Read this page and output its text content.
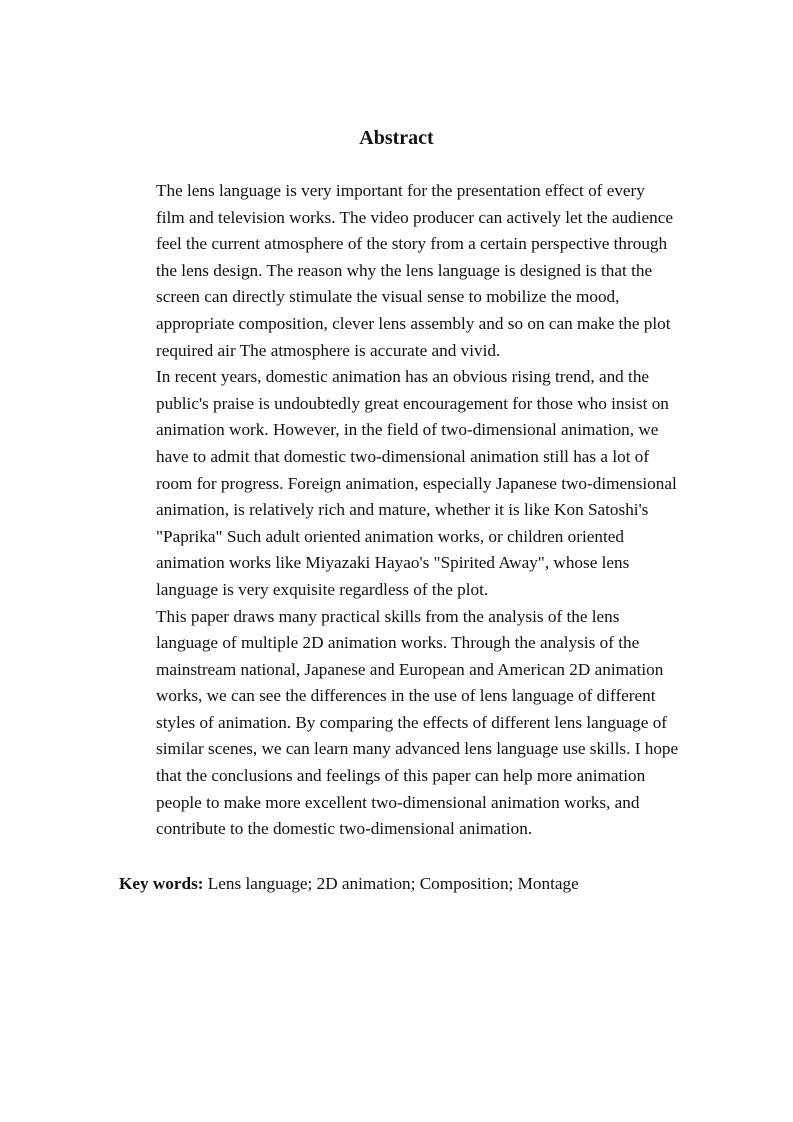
Abstract

The lens language is very important for the presentation effect of every
film and television works. The video producer can actively let the audience
feel the current atmosphere of the story from a certain perspective through
the lens design. The reason why the lens language is designed is that the
screen can directly stimulate the visual sense to mobilize the mood,
appropriate composition, clever lens assembly and so on can make the plot
required air The atmosphere is accurate and vivid.

In recent years, domestic animation has an obvious rising trend, and the
public's praise is undoubtedly great encouragement for those who insist on
animation work. However, in the field of two-dimensional animation, we
have to admit that domestic two-dimensional animation still has a lot of
room for progress. Foreign animation, especially Japanese two-dimensional
animation, is relatively rich and mature, whether it is like Kon Satoshi's
"Paprika" Such adult oriented animation works, or children oriented
animation works like Miyazaki Hayao's "Spirited Away", whose lens
language is very exquisite regardless of the plot.

This paper draws many practical skills from the analysis of the lens
language of multiple 2D animation works. Through the analysis of the
mainstream national, Japanese and European and American 2D animation
works, we can see the differences in the use of lens language of different
styles of animation. By comparing the effects of different lens language of
similar scenes, we can learn many advanced lens language use skills. I hope
that the conclusions and feelings of this paper can help more animation
people to make more excellent two-dimensional animation works, and
contribute to the domestic two-dimensional animation.

Key words: Lens language; 2D animation; Composition; Montage
